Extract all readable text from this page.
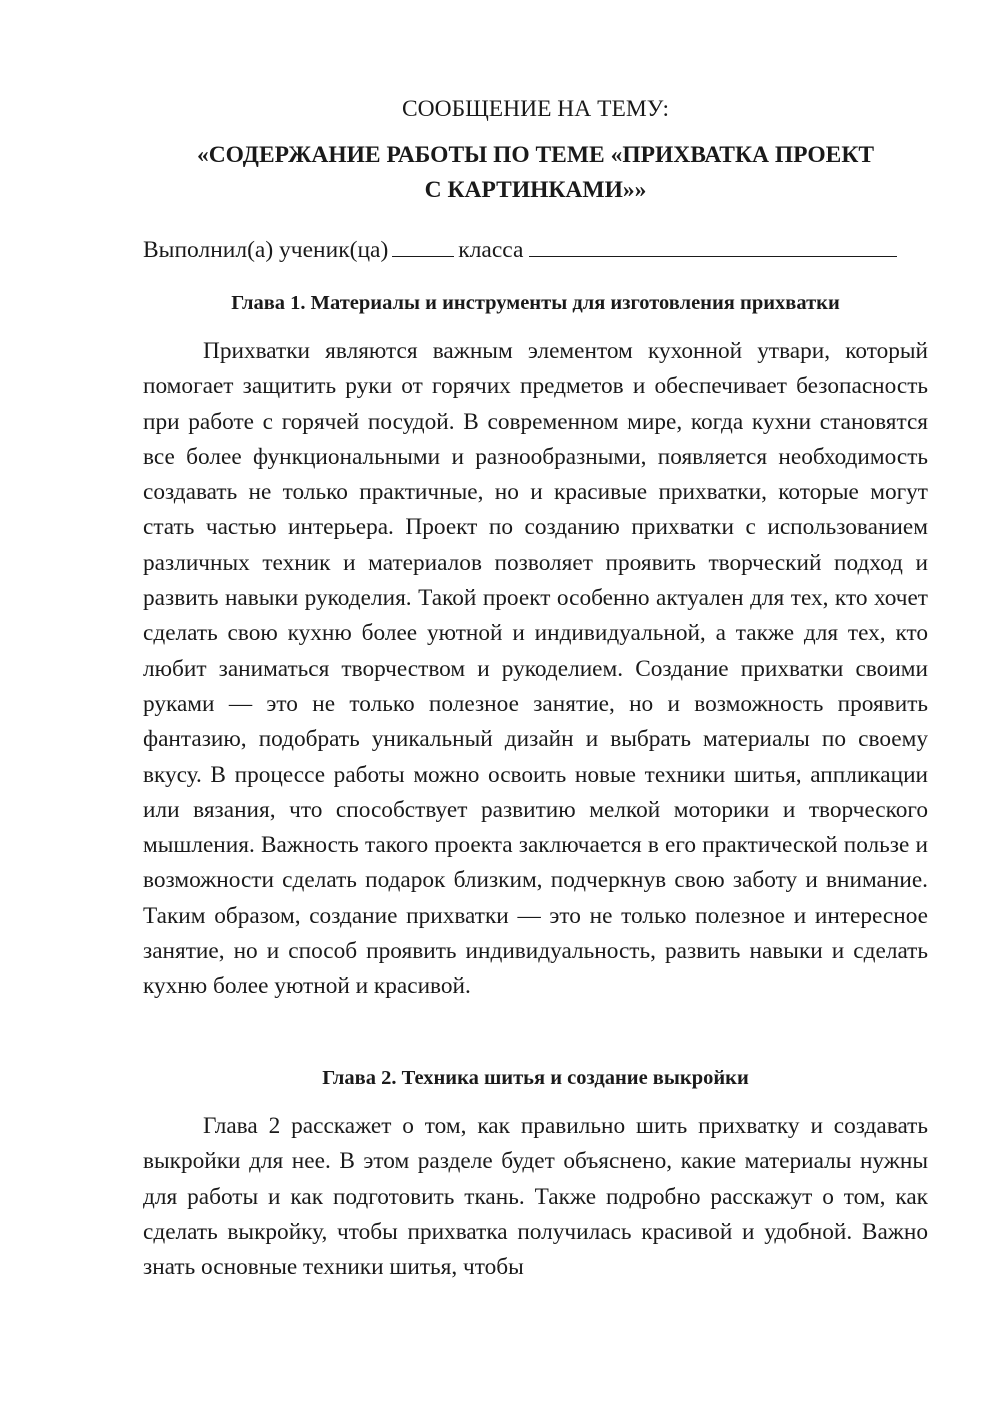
СООБЩЕНИЕ НА ТЕМУ:
«СОДЕРЖАНИЕ РАБОТЫ ПО ТЕМЕ «ПРИХВАТКА ПРОЕКТ С КАРТИНКАМИ»»
Выполнил(а) ученик(ца)	класса
Глава 1. Материалы и инструменты для изготовления прихватки

Прихватки являются важным элементом кухонной утвари, который помогает защитить руки от горячих предметов и обеспечивает безопасность при работе с горячей посудой. В современном мире, когда кухни становятся все более функциональными и разнообразными, появляется необходимость создавать не только практичные, но и красивые прихватки, которые могут стать частью интерьера. Проект по созданию прихватки с использованием различных техник и материалов позволяет проявить творческий подход и развить навыки рукоделия. Такой проект особенно актуален для тех, кто хочет сделать свою кухню более уютной и индивидуальной, а также для тех, кто любит заниматься творчеством и рукоделием. Создание прихватки своими руками — это не только полезное занятие, но и возможность проявить фантазию, подобрать уникальный дизайн и выбрать материалы по своему вкусу. В процессе работы можно освоить новые техники шитья, аппликации или вязания, что способствует развитию мелкой моторики и творческого мышления. Важность такого проекта заключается в его практической пользе и возможности сделать подарок близким, подчеркнув свою заботу и внимание. Таким образом, создание прихватки — это не только полезное и интересное занятие, но и способ проявить индивидуальность, развить навыки и сделать кухню более уютной и красивой.

Глава 2. Техника шитья и создание выкройки

Глава 2 расскажет о том, как правильно шить прихватку и создавать выкройки для нее. В этом разделе будет объяснено, какие материалы нужны для работы и как подготовить ткань. Также подробно расскажут о том, как сделать выкройку, чтобы прихватка получилась красивой и удобной. Важно знать основные техники шитья, чтобы
